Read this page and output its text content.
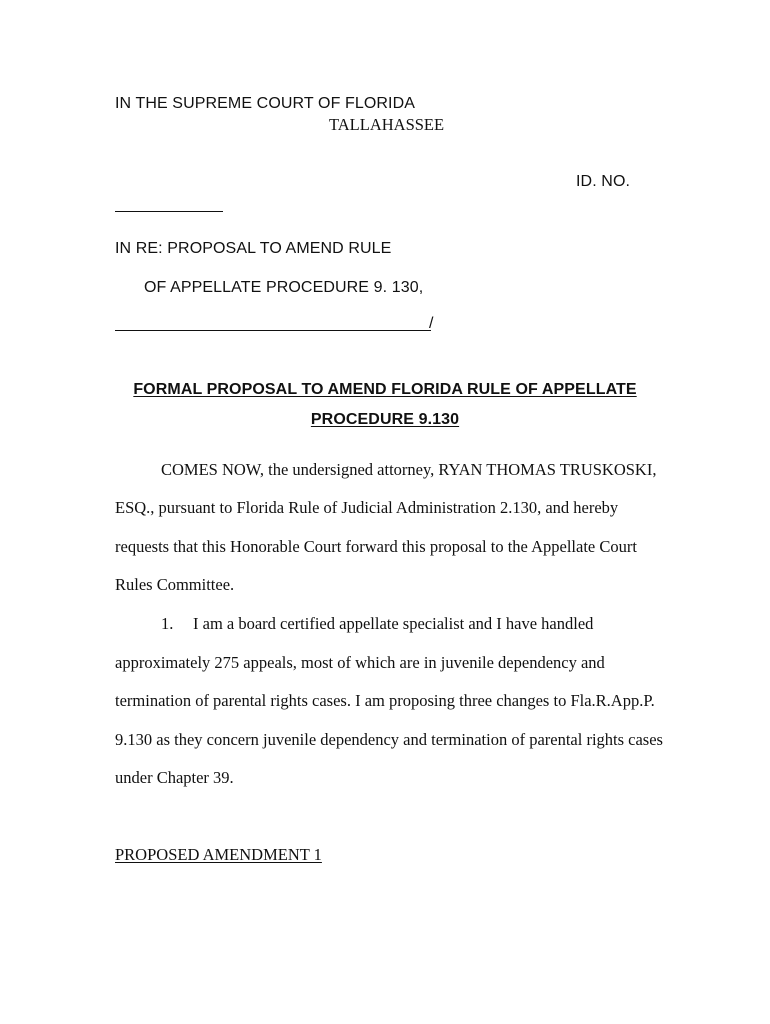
IN THE SUPREME COURT OF FLORIDA
TALLAHASSEE
ID. NO.
IN RE: PROPOSAL TO AMEND RULE
OF APPELLATE PROCEDURE 9. 130,
/
FORMAL PROPOSAL TO AMEND FLORIDA RULE OF APPELLATE
PROCEDURE 9.130
COMES NOW, the undersigned attorney, RYAN THOMAS TRUSKOSKI,
ESQ., pursuant to Florida Rule of Judicial Administration 2.130, and hereby
requests that this Honorable Court forward this proposal to the Appellate Court
Rules Committee.
1. I am a board certified appellate specialist and I have handled
approximately 275 appeals, most of which are in juvenile dependency and
termination of parental rights cases. I am proposing three changes to Fla.R.App.P.
9.130 as they concern juvenile dependency and termination of parental rights cases
under Chapter 39.
PROPOSED AMENDMENT 1
